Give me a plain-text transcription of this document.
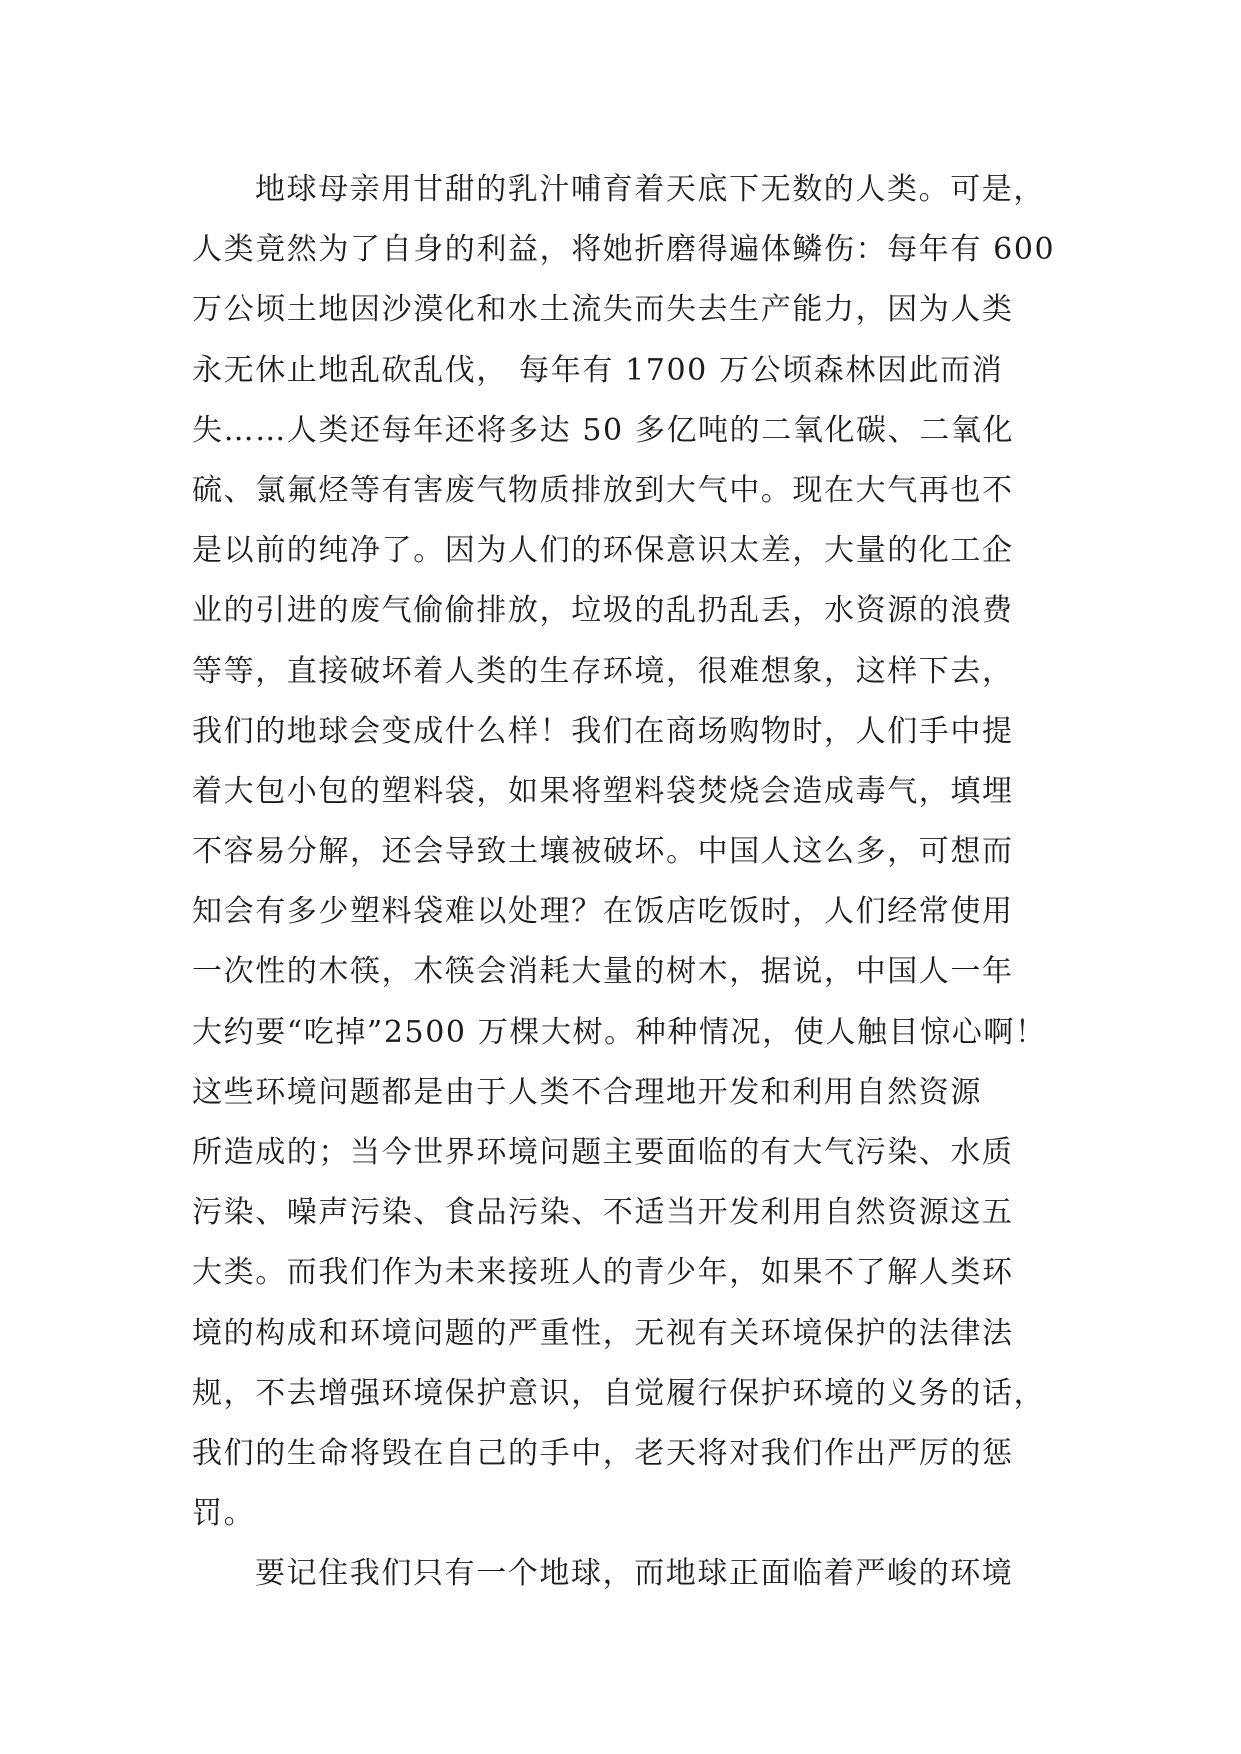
地球母亲用甘甜的乳汁哺育着天底下无数的人类。可是，
人类竟然为了自身的利益，将她折磨得遍体鳞伤：每年有 600
万公顷土地因沙漠化和水土流失而失去生产能力，因为人类
永无休止地乱砍乱伐， 每年有 1700 万公顷森林因此而消
失……人类还每年还将多达 50 多亿吨的二氧化碳、二氧化
硫、氯氟烃等有害废气物质排放到大气中。现在大气再也不
是以前的纯净了。因为人们的环保意识太差，大量的化工企
业的引进的废气偷偷排放，垃圾的乱扔乱丢，水资源的浪费
等等，直接破坏着人类的生存环境，很难想象，这样下去，
我们的地球会变成什么样！我们在商场购物时，人们手中提
着大包小包的塑料袋，如果将塑料袋焚烧会造成毒气，填埋
不容易分解，还会导致土壤被破坏。中国人这么多，可想而
知会有多少塑料袋难以处理？在饭店吃饭时，人们经常使用
一次性的木筷，木筷会消耗大量的树木，据说，中国人一年
大约要“吃掉”2500 万棵大树。种种情况，使人触目惊心啊！
这些环境问题都是由于人类不合理地开发和利用自然资源
所造成的；当今世界环境问题主要面临的有大气污染、水质
污染、噪声污染、食品污染、不适当开发利用自然资源这五
大类。而我们作为未来接班人的青少年，如果不了解人类环
境的构成和环境问题的严重性，无视有关环境保护的法律法
规，不去增强环境保护意识，自觉履行保护环境的义务的话，
我们的生命将毁在自己的手中，老天将对我们作出严厉的惩
罚。
要记住我们只有一个地球，而地球正面临着严峻的环境
